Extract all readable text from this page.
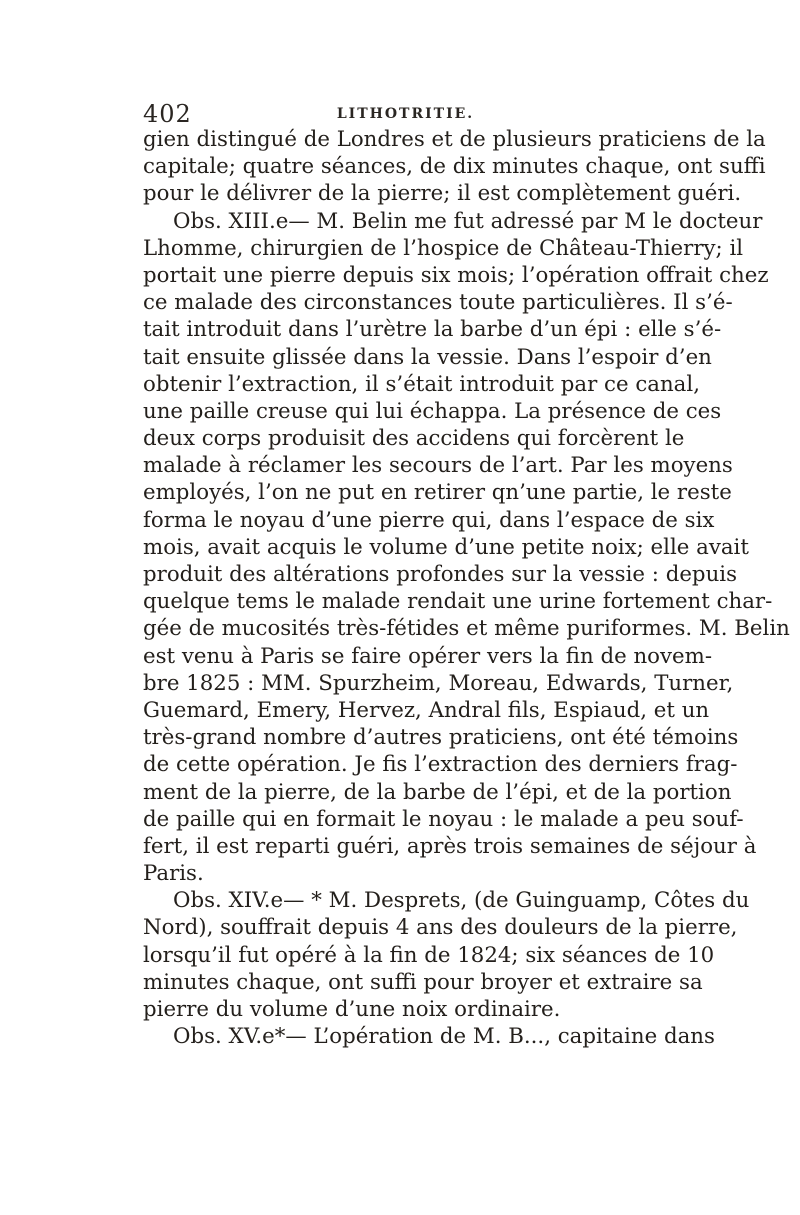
402	LITHOTRITIE.
gien distingué de Londres et de plusieurs praticiens de la
capitale; quatre séances, de dix minutes chaque, ont suffi
pour le délivrer de la pierre; il est complètement guéri.
Obs. XIII.e— M. Belin me fut adressé par M le docteur
Lhomme, chirurgien de l’hospice de Château-Thierry; il
portait une pierre depuis six mois; l’opération offrait chez
ce malade des circonstances toute particulières. Il s’é-
tait introduit dans l’urètre la barbe d’un épi : elle s’é-
tait ensuite glissée dans la vessie. Dans l’espoir d’en
obtenir l’extraction, il s’était introduit par ce canal,
une paille creuse qui lui échappa. La présence de ces
deux corps produisit des accidens qui forcèrent le
malade à réclamer les secours de l’art. Par les moyens
employés, l’on ne put en retirer qn’une partie, le reste
forma le noyau d’une pierre qui, dans l’espace de six
mois, avait acquis le volume d’une petite noix; elle avait
produit des altérations profondes sur la vessie : depuis
quelque tems le malade rendait une urine fortement char-
gée de mucosités très-fétides et même puriformes. M. Belin
est venu à Paris se faire opérer vers la fin de novem-
bre 1825 : MM. Spurzheim, Moreau, Edwards, Turner,
Guemard, Emery, Hervez, Andral fils, Espiaud, et un
très-grand nombre d’autres praticiens, ont été témoins
de cette opération. Je fis l’extraction des derniers frag-
ment de la pierre, de la barbe de l’épi, et de la portion
de paille qui en formait le noyau : le malade a peu souf-
fert, il est reparti guéri, après trois semaines de séjour à
Paris.
Obs. XIV.e— * M. Desprets, (de Guinguamp, Côtes du
Nord), souffrait depuis 4 ans des douleurs de la pierre,
lorsqu’il fut opéré à la fin de 1824; six séances de 10
minutes chaque, ont suffi pour broyer et extraire sa
pierre du volume d’une noix ordinaire.
Obs. XV.e*— L’opération de M. B..., capitaine dans
